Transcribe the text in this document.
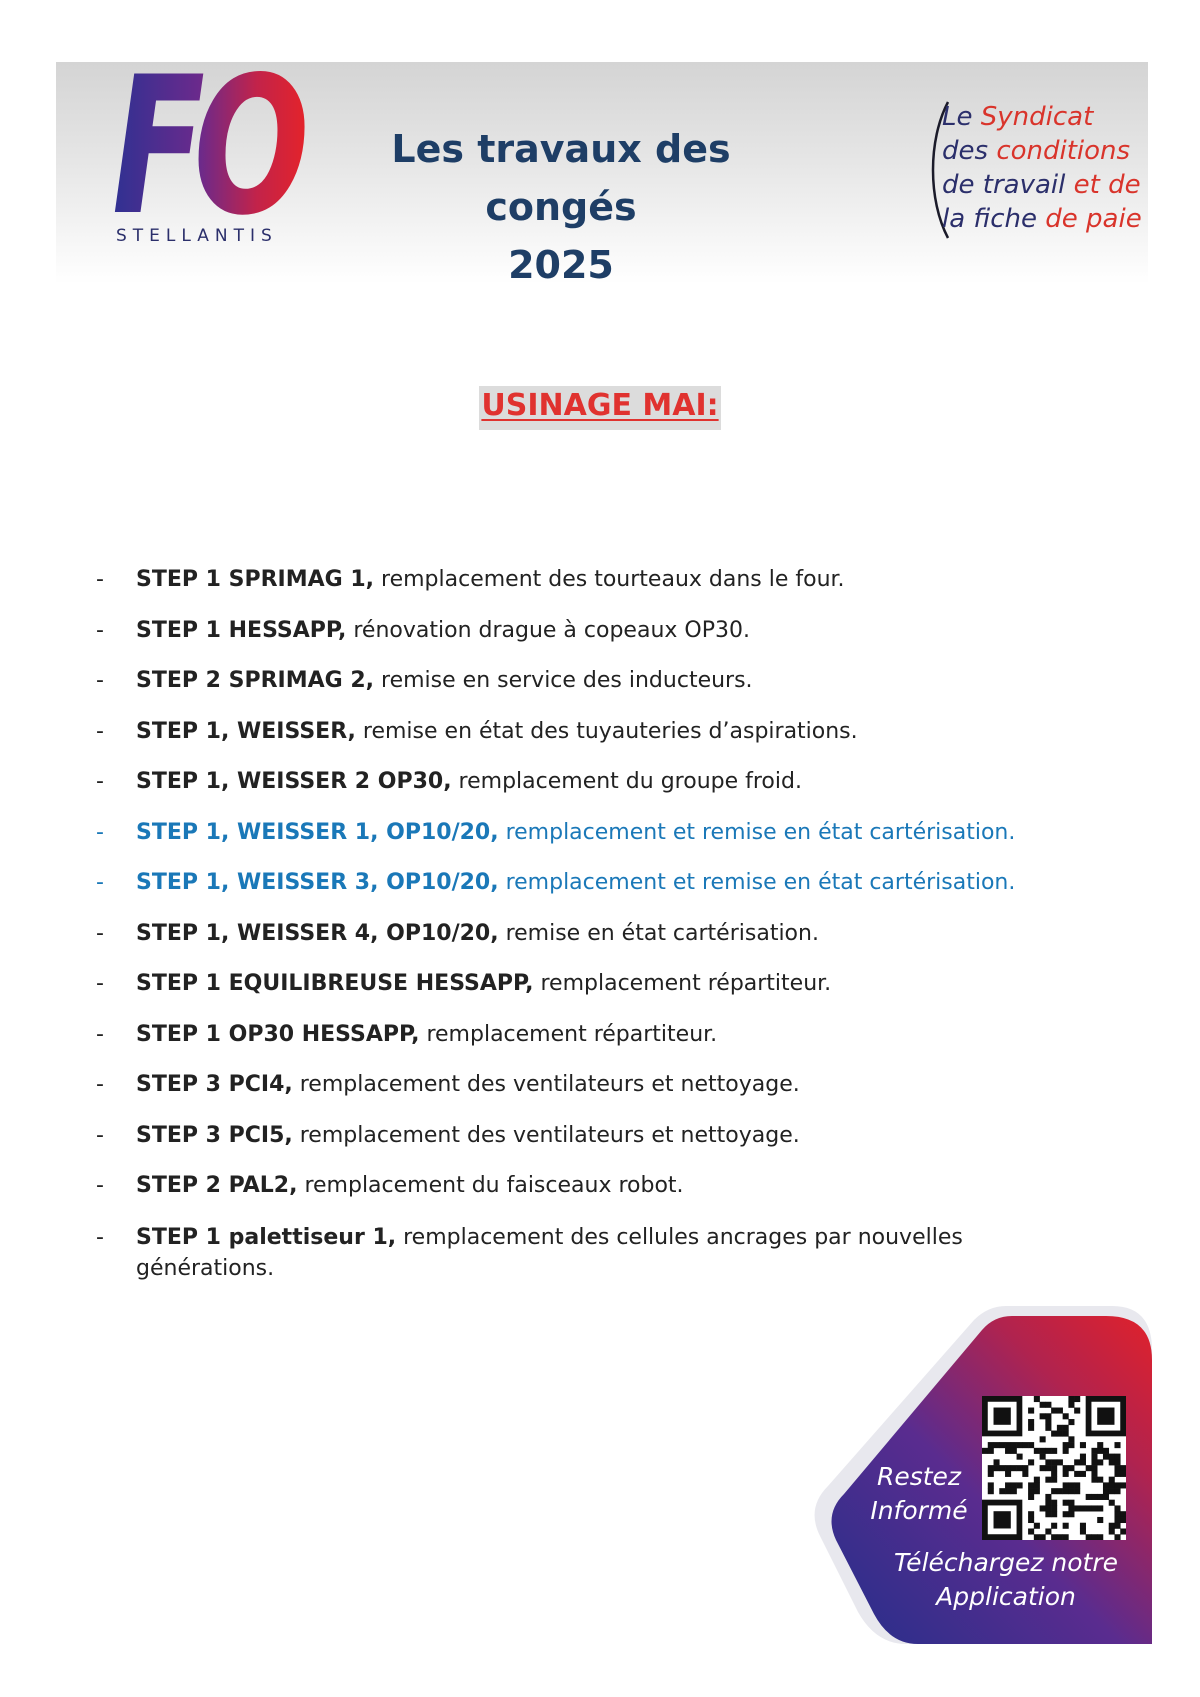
FO
STELLANTIS
Les travaux des congés
2025
Le Syndicat
des conditions
de travail et de
la fiche de paie
USINAGE MAI:
- STEP 1 SPRIMAG 1, remplacement des tourteaux dans le four.
- STEP 1 HESSAPP, rénovation drague à copeaux OP30.
- STEP 2 SPRIMAG 2, remise en service des inducteurs.
- STEP 1, WEISSER, remise en état des tuyauteries d’aspirations.
- STEP 1, WEISSER 2 OP30, remplacement du groupe froid.
- STEP 1, WEISSER 1, OP10/20, remplacement et remise en état cartérisation.
- STEP 1, WEISSER 3, OP10/20, remplacement et remise en état cartérisation.
- STEP 1, WEISSER 4, OP10/20, remise en état cartérisation.
- STEP 1 EQUILIBREUSE HESSAPP, remplacement répartiteur.
- STEP 1 OP30 HESSAPP, remplacement répartiteur.
- STEP 3 PCI4, remplacement des ventilateurs et nettoyage.
- STEP 3 PCI5, remplacement des ventilateurs et nettoyage.
- STEP 2 PAL2, remplacement du faisceaux robot.
- STEP 1 palettiseur 1, remplacement des cellules ancrages par nouvelles générations.
Restez
Informé
Téléchargez notre
Application
